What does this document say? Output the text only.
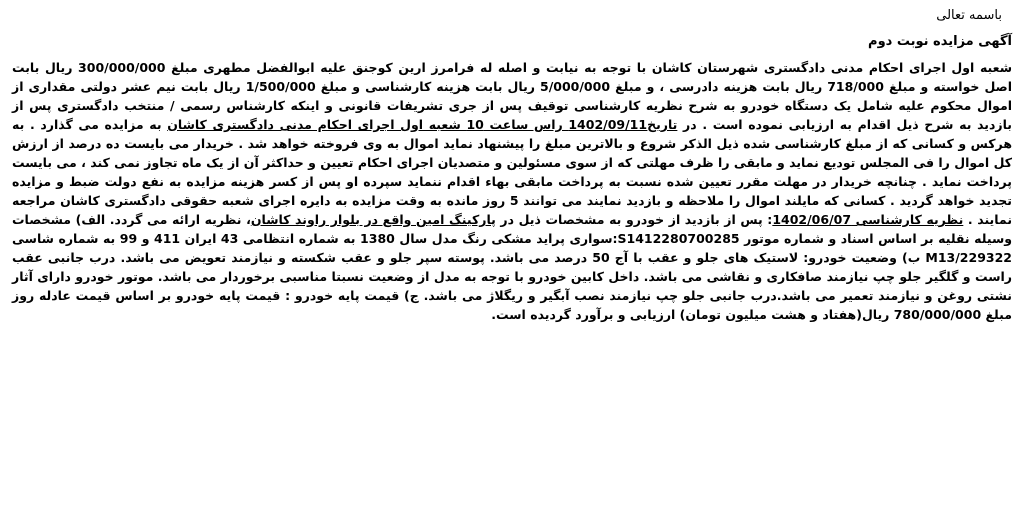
باسمه تعالی
آگهی مزایده نوبت دوم

شعبه اول اجرای احکام مدنی دادگستری شهرستان کاشان با توجه به نیابت و اصله له فرامرز ارین کوجنق علیه ابوالفضل مطهری مبلغ 300/000/000 ریال بابت اصل خواسته و مبلغ 718/000 ریال بابت هزینه دادرسی ، و مبلغ 5/000/000 ریال بابت هزینه کارشناسی و مبلغ 1/500/000 ریال بابت نیم عشر دولتی مقداری از اموال محکوم علیه شامل یک دستگاه خودرو به شرح نظریه کارشناسی توقیف پس از جری تشریفات قانونی و اینکه کارشناس رسمی / منتخب دادگستری پس از بازدید به شرح ذیل اقدام به ارزیابی نموده است . در تاریخ1402/09/11 راس ساعت 10 شعبه اول اجرای احکام مدنی دادگستری کاشان به مزایده می گذارد . به هرکس و کسانی که از مبلغ کارشناسی شده ذیل الذکر شروع و بالاترین مبلغ را پیشنهاد نماید اموال به وی فروخته خواهد شد . خریدار می بایست ده درصد از ارزش کل اموال را فی المجلس تودیع نماید و مابقی را ظرف مهلتی که از سوی مسئولین و متصدیان اجرای احکام تعیین و حداکثر آن از یک ماه تجاوز نمی کند ، می بایست پرداخت نماید . چنانچه خریدار در مهلت مقرر تعیین شده نسبت به پرداخت مابقی بهاء اقدام ننماید سپرده او پس از کسر هزینه مزایده به نفع دولت ضبط و مزایده تجدید خواهد گردید . کسانی که مایلند اموال را ملاحظه و بازدید نمایند می توانند 5 روز مانده به وقت مزایده به دایره اجرای شعبه حقوقی دادگستری کاشان مراجعه نمایند . نظریه کارشناسی 1402/06/07: پس از بازدید از خودرو به مشخصات ذیل در پارکینگ امین واقع در بلوار راوند کاشان، نظریه ارائه می گردد. الف) مشخصات وسیله نقلیه بر اساس اسناد و شماره موتور S1412280700285:سواری پراید مشکی رنگ مدل سال 1380 به شماره انتظامی 43 ایران 411 و 99 به شماره شاسی M13/229322 ب) وضعیت خودرو: لاستیک های جلو و عقب با آج 50 درصد می باشد. پوسته سپر جلو و عقب شکسته و نیازمند تعویض می باشد. درب جانبی عقب راست و گلگیر جلو چپ نیازمند صافکاری و نقاشی می باشد. داخل کابین خودرو با توجه به مدل از وضعیت نسبتا مناسبی برخوردار می باشد. موتور خودرو دارای آثار نشتی روغن و نیازمند تعمیر می باشد.درب جانبی جلو چپ نیازمند نصب آبگیر و ریگلاژ می باشد. ج) قیمت پایه خودرو : قیمت پایه خودرو بر اساس قیمت عادله روز مبلغ 780/000/000 ریال(هفتاد و هشت میلیون تومان) ارزیابی و برآورد گردیده است.
